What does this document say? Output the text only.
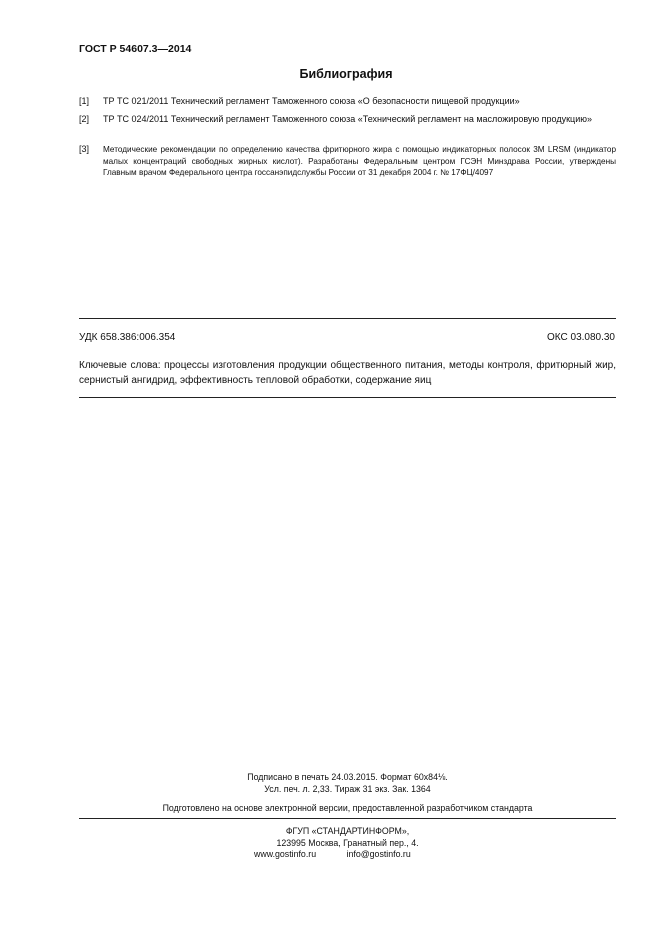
ГОСТ Р 54607.3—2014
Библиография
[1] ТР ТС 021/2011 Технический регламент Таможенного союза «О безопасности пищевой продукции»
[2] ТР ТС 024/2011 Технический регламент Таможенного союза «Технический регламент на масложировую продукцию»
[3] Методические рекомендации по определению качества фритюрного жира с помощью индикаторных полосок 3М LRSM (индикатор малых концентраций свободных жирных кислот). Разработаны Федеральным центром ГСЭН Минздрава России, утверждены Главным врачом Федерального центра госсанэпидслужбы России от 31 декабря 2004 г. № 17ФЦ/4097
УДК 658.386:006.354	ОКС 03.080.30
Ключевые слова: процессы изготовления продукции общественного питания, методы контроля, фритюрный жир, сернистый ангидрид, эффективность тепловой обработки, содержание яиц
Подписано в печать 24.03.2015. Формат 60х84⅛.
Усл. печ. л. 2,33. Тираж 31 экз. Зак. 1364
Подготовлено на основе электронной версии, предоставленной разработчиком стандарта
ФГУП «СТАНДАРТИНФОРМ»,
123995 Москва, Гранатный пер., 4.
www.gostinfo.ru	info@gostinfo.ru
